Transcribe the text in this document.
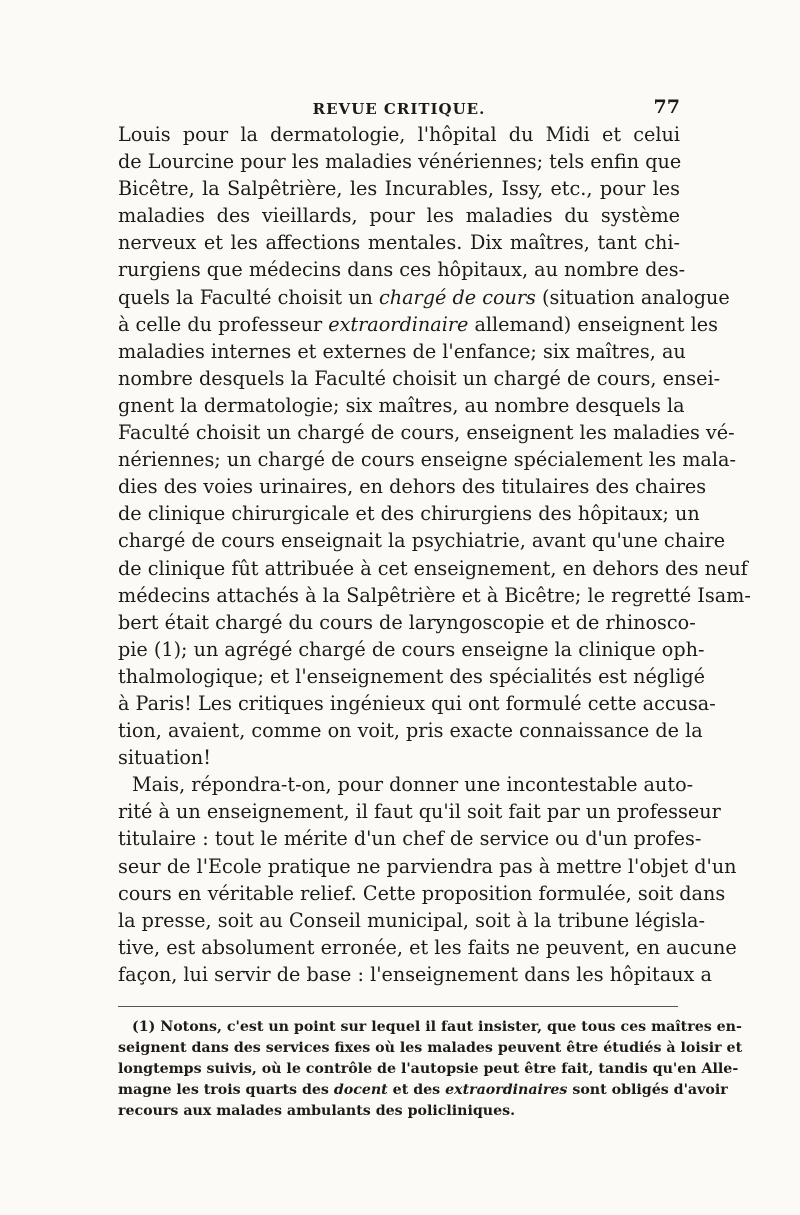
REVUE CRITIQUE.	77
Louis pour la dermatologie, l'hôpital du Midi et celui
de Lourcine pour les maladies vénériennes; tels enfin que
Bicêtre, la Salpêtrière, les Incurables, Issy, etc., pour les
maladies des vieillards, pour les maladies du système
nerveux et les affections mentales. Dix maîtres, tant chi-
rurgiens que médecins dans ces hôpitaux, au nombre des-
quels la Faculté choisit un chargé de cours (situation analogue
à celle du professeur extraordinaire allemand) enseignent les
maladies internes et externes de l'enfance; six maîtres, au
nombre desquels la Faculté choisit un chargé de cours, ensei-
gnent la dermatologie; six maîtres, au nombre desquels la
Faculté choisit un chargé de cours, enseignent les maladies vé-
nériennes; un chargé de cours enseigne spécialement les mala-
dies des voies urinaires, en dehors des titulaires des chaires
de clinique chirurgicale et des chirurgiens des hôpitaux; un
chargé de cours enseignait la psychiatrie, avant qu'une chaire
de clinique fût attribuée à cet enseignement, en dehors des neuf
médecins attachés à la Salpêtrière et à Bicêtre; le regretté Isam-
bert était chargé du cours de laryngoscopie et de rhinosco-
pie (1); un agrégé chargé de cours enseigne la clinique oph-
thalmologique; et l'enseignement des spécialités est négligé
à Paris! Les critiques ingénieux qui ont formulé cette accusa-
tion, avaient, comme on voit, pris exacte connaissance de la
situation!
Mais, répondra-t-on, pour donner une incontestable auto-
rité à un enseignement, il faut qu'il soit fait par un professeur
titulaire : tout le mérite d'un chef de service ou d'un profes-
seur de l'Ecole pratique ne parviendra pas à mettre l'objet d'un
cours en véritable relief. Cette proposition formulée, soit dans
la presse, soit au Conseil municipal, soit à la tribune législa-
tive, est absolument erronée, et les faits ne peuvent, en aucune
façon, lui servir de base : l'enseignement dans les hôpitaux a
(1) Notons, c'est un point sur lequel il faut insister, que tous ces maîtres en-
seignent dans des services fixes où les malades peuvent être étudiés à loisir et
longtemps suivis, où le contrôle de l'autopsie peut être fait, tandis qu'en Alle-
magne les trois quarts des docent et des extraordinaires sont obligés d'avoir
recours aux malades ambulants des policliniques.
